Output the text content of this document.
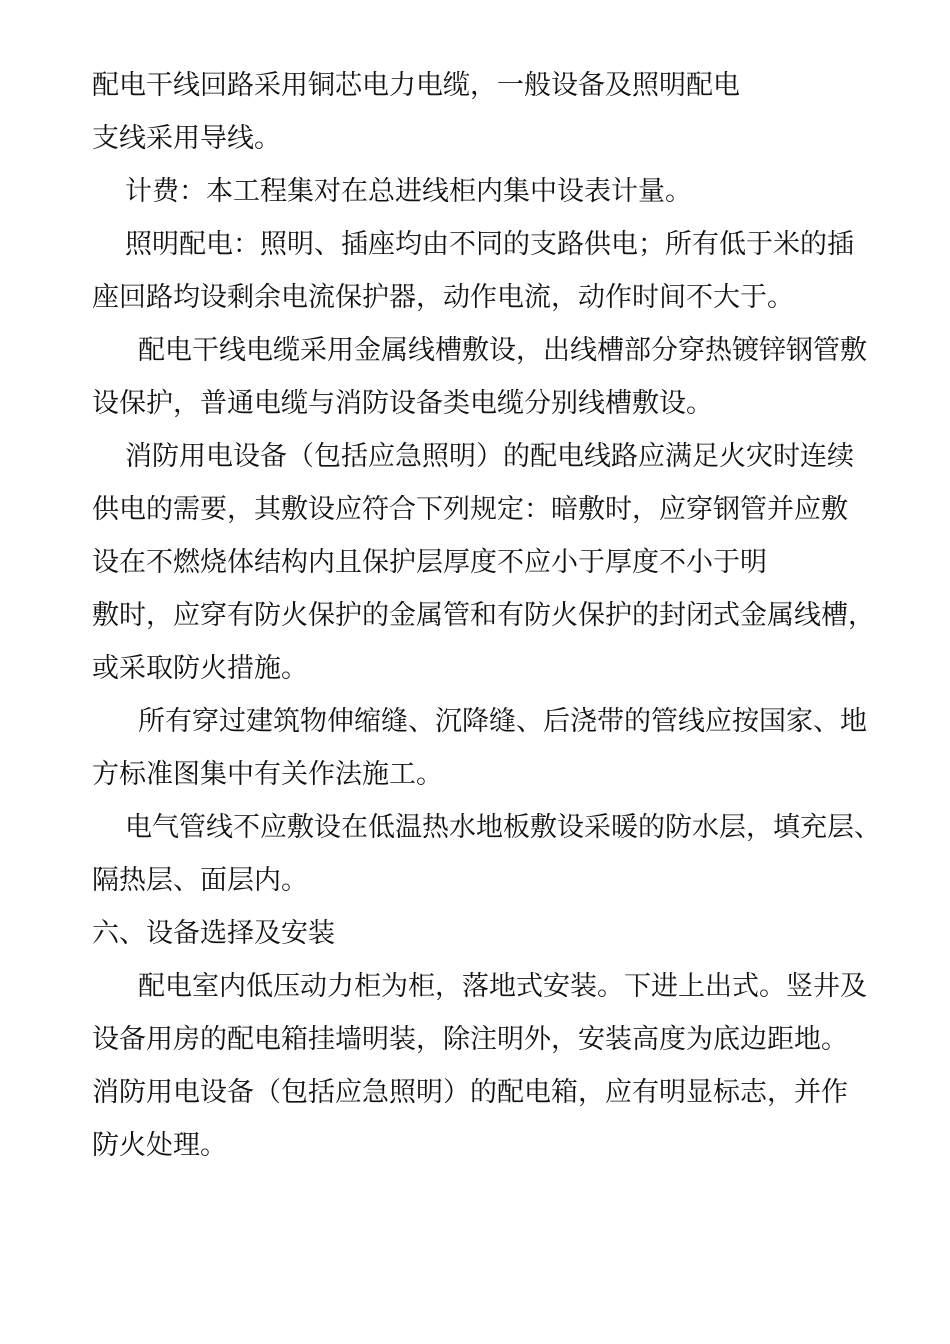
配电干线回路采用铜芯电力电缆，一般设备及照明配电
支线采用导线。
计费：本工程集对在总进线柜内集中设表计量。
照明配电：照明、插座均由不同的支路供电；所有低于米的插
座回路均设剩余电流保护器，动作电流，动作时间不大于。
配电干线电缆采用金属线槽敷设，出线槽部分穿热镀锌钢管敷
设保护，普通电缆与消防设备类电缆分别线槽敷设。
消防用电设备（包括应急照明）的配电线路应满足火灾时连续
供电的需要，其敷设应符合下列规定：暗敷时，应穿钢管并应敷
设在不燃烧体结构内且保护层厚度不应小于厚度不小于明
敷时，应穿有防火保护的金属管和有防火保护的封闭式金属线槽，
或采取防火措施。
所有穿过建筑物伸缩缝、沉降缝、后浇带的管线应按国家、地
方标准图集中有关作法施工。
电气管线不应敷设在低温热水地板敷设采暖的防水层，填充层、
隔热层、面层内。
六、设备选择及安装
配电室内低压动力柜为柜，落地式安装。下进上出式。竖井及
设备用房的配电箱挂墙明装，除注明外，安装高度为底边距地。
消防用电设备（包括应急照明）的配电箱，应有明显标志，并作
防火处理。
